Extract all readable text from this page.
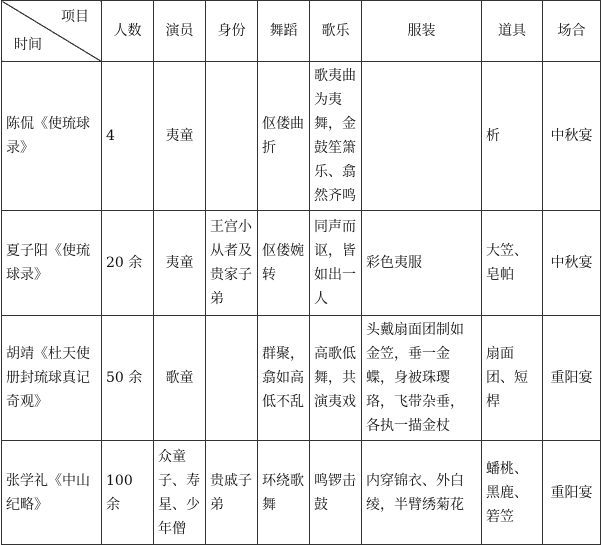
项目
时间	人数	演员	身份	舞蹈	歌乐	服装	道具	场合
陈侃《使琉球录》	4	夷童		伛偻曲折	歌夷曲为夷舞，金鼓笙箫乐、翕然齐鸣		析	中秋宴
夏子阳《使琉球录》	20 余	夷童	王宫小从者及贵家子弟	伛偻婉转	同声而讴，皆如出一人	彩色夷服	大笠、皂帕	中秋宴
胡靖《杜天使册封琉球真记奇观》	50 余	歌童		群聚，翕如高低不乱	高歌低舞，共演夷戏	头戴扇面团制如金笠，垂一金蝶，身被珠璎珞，飞带杂垂，各执一描金杖	扇面团、短桿	重阳宴
张学礼《中山纪略》	100 余	众童子、寿星、少年僧	贵戚子弟	环绕歌舞	鸣锣击鼓	内穿锦衣、外白绫，半臂绣菊花	蟠桃、黑鹿、箬笠	重阳宴
